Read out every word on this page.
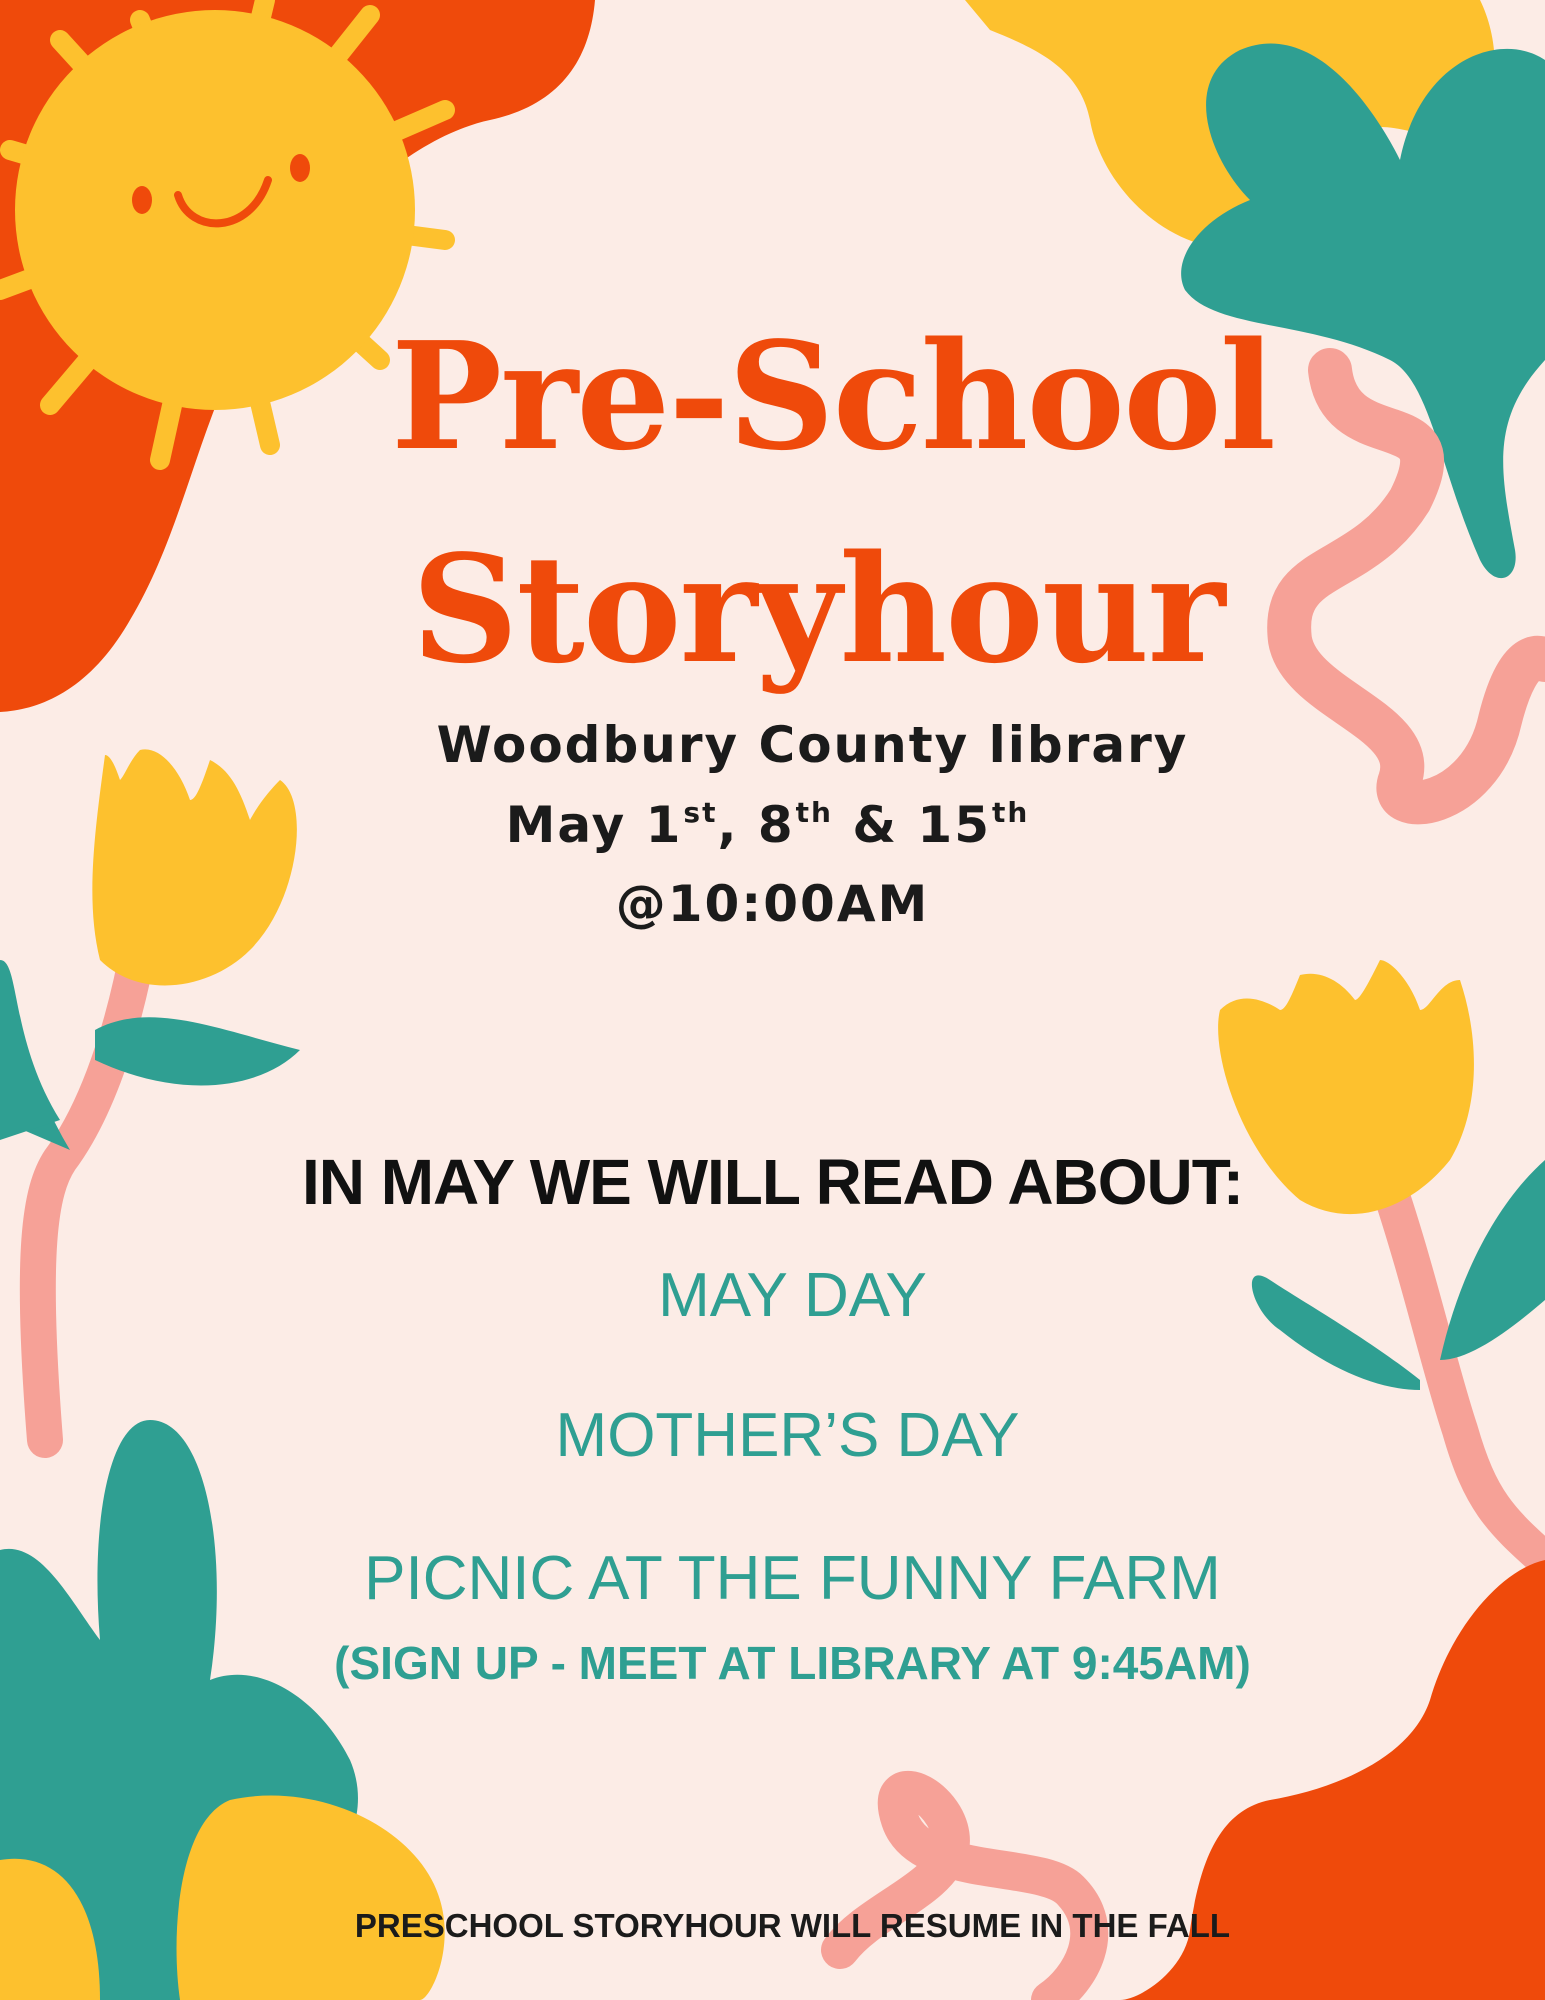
Pre-School
Storyhour
Woodbury County library
May 1st, 8th & 15th
@10:00AM
IN MAY WE WILL READ ABOUT:
MAY DAY
MOTHER’S DAY
PICNIC AT THE FUNNY FARM
(SIGN UP - MEET AT LIBRARY AT 9:45AM)
PRESCHOOL STORYHOUR WILL RESUME IN THE FALL
